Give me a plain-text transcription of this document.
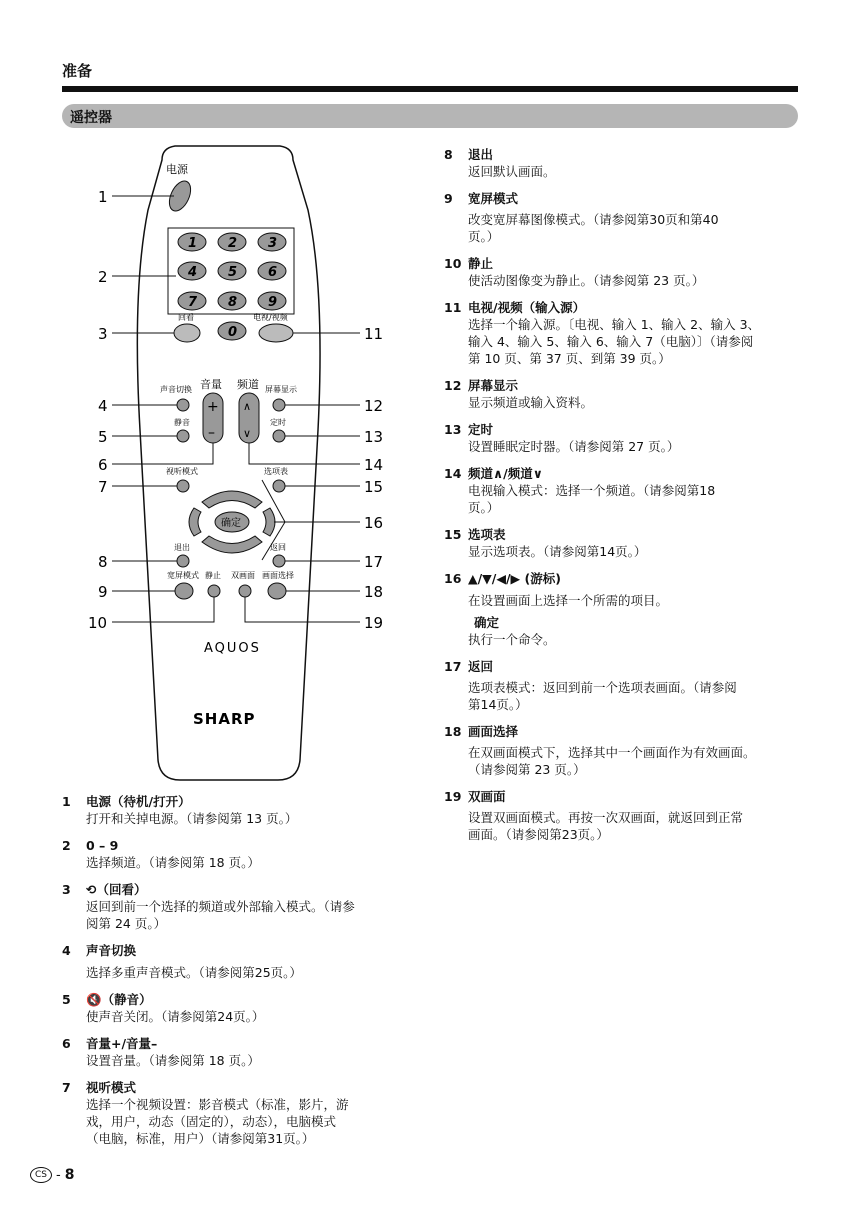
准备
遥控器
电源
1 2 3
4 5 6
7 8 9
0
回看	电视/视频
声音切换 音量
+
–
频道
∧
∨
屏幕显示
静音	定时
视听模式	选项表
确定
退出	返回
宽屏模式 静止 双画面 画面选择
AQUOS
SHARP
1
2
3
4
5
6
7
8
9
10
11
12
13
14
15
16
17
18
19
1	电源（待机/打开）
打开和关掉电源。（请参阅第 13 页。）
2	0 – 9
选择频道。（请参阅第 18 页。）
3	⟲（回看）
返回到前一个选择的频道或外部输入模式。（请参
阅第 24 页。）
4	声音切换
选择多重声音模式。（请参阅第25页。）
5	🔇（静音）
使声音关闭。（请参阅第24页。）
6	音量+/音量–
设置音量。（请参阅第 18 页。）
7	视听模式
选择一个视频设置：影音模式（标准，影片，游
戏，用户，动态（固定的），动态），电脑模式
（电脑，标准，用户）（请参阅第31页。）
8	退出
返回默认画面。
9	宽屏模式
改变宽屏幕图像模式。（请参阅第30页和第40
页。）
10 静止
使活动图像变为静止。（请参阅第 23 页。）
11 电视/视频（输入源）
选择一个输入源。〔电视、输入 1、输入 2、输入 3、
输入 4、输入 5、输入 6、输入 7（电脑）〕（请参阅
第 10 页、第 37 页、到第 39 页。）
12 屏幕显示
显示频道或输入资料。
13 定时
设置睡眠定时器。（请参阅第 27 页。）
14 频道∧/频道∨
电视输入模式：选择一个频道。（请参阅第18
页。）
15 选项表
显示选项表。（请参阅第14页。）
16 ▲/▼/◀/▶ (游标)
在设置画面上选择一个所需的项目。
确定
执行一个命令。
17 返回
选项表模式：返回到前一个选项表画面。（请参阅
第14页。）
18 画面选择
在双画面模式下，选择其中一个画面作为有效画面。
（请参阅第 23 页。）
19 双画面
设置双画面模式。再按一次双画面，就返回到正常
画面。（请参阅第23页。）
CS - 8
